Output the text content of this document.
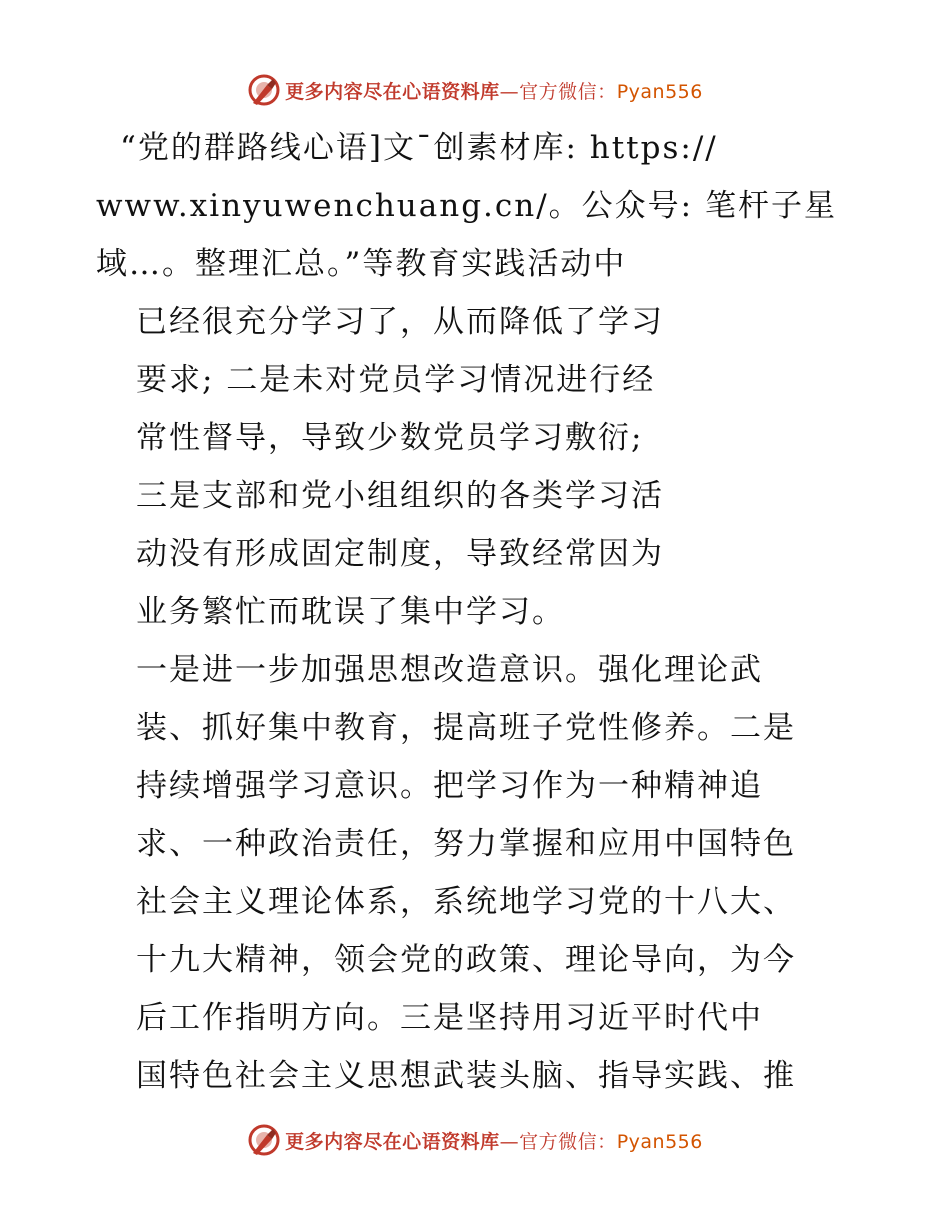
更多内容尽在心语资料库—官方微信：Pyan556
“党的群路线心语]文¯创素材库: https://
www.xinyuwenchuang.cn/。公众号: 笔杆子星
域…。整理汇总。”等教育实践活动中
已经很充分学习了，从而降低了学习
要求; 二是未对党员学习情况进行经
常性督导，导致少数党员学习敷衍;
三是支部和党小组组织的各类学习活
动没有形成固定制度，导致经常因为
业务繁忙而耽误了集中学习。
一是进一步加强思想改造意识。强化理论武
装、抓好集中教育，提高班子党性修养。二是
持续增强学习意识。把学习作为一种精神追
求、一种政治责任，努力掌握和应用中国特色
社会主义理论体系，系统地学习党的十八大、
十九大精神，领会党的政策、理论导向，为今
后工作指明方向。三是坚持用习近平时代中
国特色社会主义思想武装头脑、指导实践、推
更多内容尽在心语资料库—官方微信：Pyan556
